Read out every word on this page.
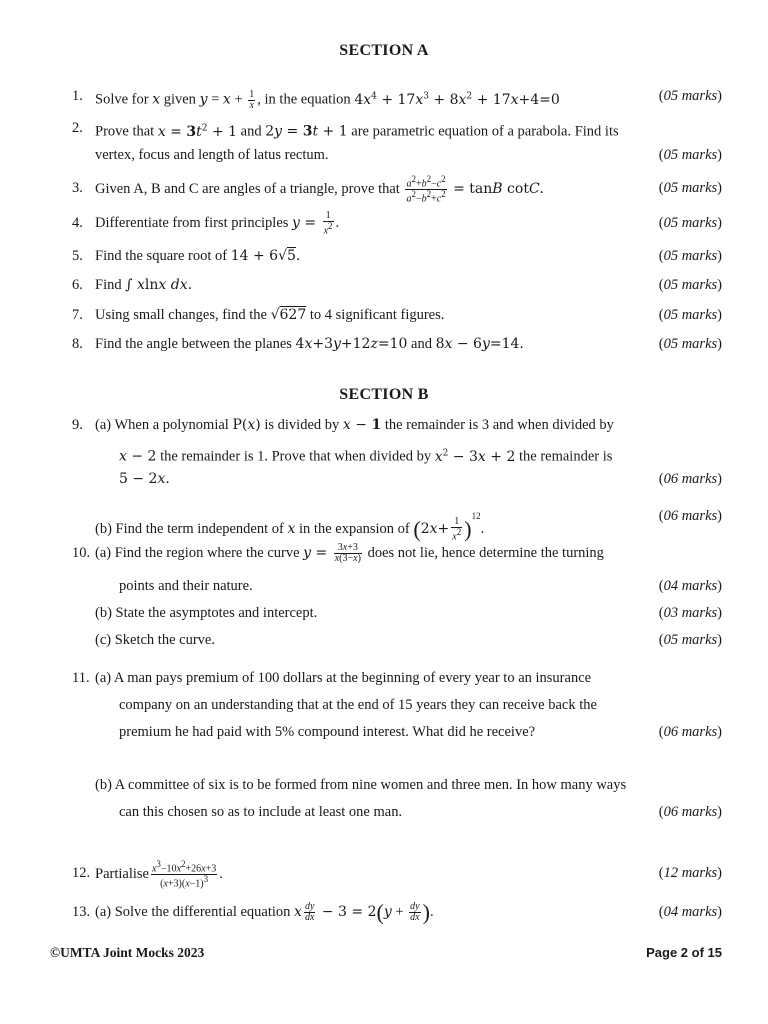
SECTION A
1. Solve for x given $y = x + \frac{1}{x}$ , in the equation $4x^4 + 17x^3 + 8x^2 + 17x+4=0$	(05 marks)
2. Prove that $x = 3t^2 + 1$ and 2y = 3t + 1 are parametric equation of a parabola. Find its
vertex, focus and length of latus rectum.	(05 marks)
3. Given A, B and C are angles of a triangle, prove that $\frac{a^2+b^2-c^2}{a^2-b^2+c^2} = \tan B$ cotC.	(05 marks)
4. Differentiate from first principles $y = \frac{1}{x^2}$ .	(05 marks)
5. Find the square root of 14 + 6√5.	(05 marks)
6. Find ∫ xlnx dx.	(05 marks)
7. Using small changes, find the √627 to 4 significant figures.	(05 marks)
8. Find the angle between the planes 4x+3y+12z=10 and 8x − 6y=14.	(05 marks)
SECTION B
9. (a) When a polynomial P(x) is divided by x − 1 the remainder is 3 and when divided by
x − 2 the remainder is 1. Prove that when divided by $x^2 - 3x + 2$ the remainder is
5 − 2x.	(06 marks)
(b) Find the term independent of x in the expansion of $(2x+ \frac{1}{x^2} )^{12}$.
(06 marks)
10. (a) Find the region where the curve $y = \frac{3x+3}{x(3-x)}$ does not lie, hence determine the turning
points and their nature.	(04 marks)
(b) State the asymptotes and intercept.	(03 marks)
(c) Sketch the curve.	(05 marks)
11. (a) A man pays premium of 100 dollars at the beginning of every year to an insurance
company on an understanding that at the end of 15 years they can receive back the
premium he had paid with 5% compound interest. What did he receive?	(06 marks)
(b) A committee of six is to be formed from nine women and three men. In how many ways
can this chosen so as to include at least one man.	(06 marks)
12. Partialise $\frac{x^3-10x^2+26x+3}{(x+3)(x-1)^3}$ .	(12 marks)
13. (a) Solve the differential equation x $\frac{dy}{dx} - 3 = 2(y + \frac{dy}{dx}$ ).	(04 marks)
©UMTA Joint Mocks 2023	Page 2 of 15
